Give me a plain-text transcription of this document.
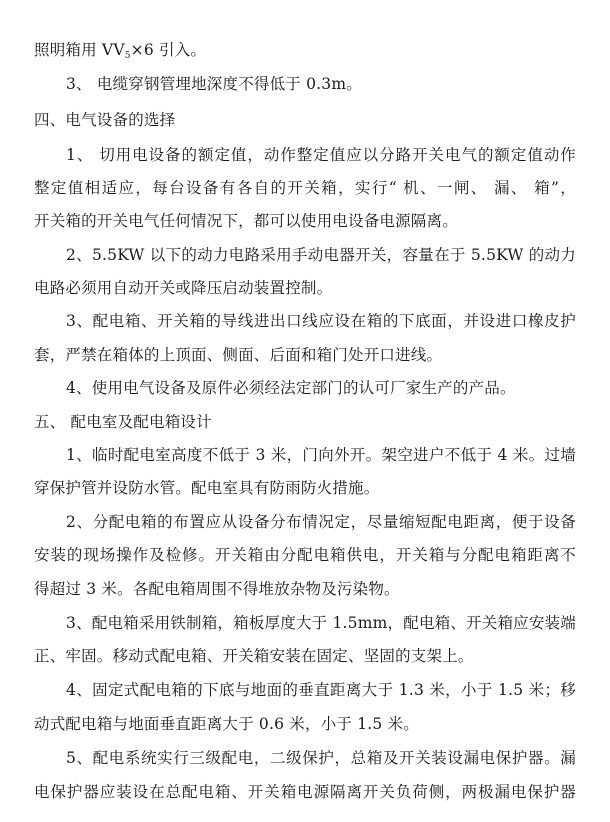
照明箱用 $VV_5\times 6$ 引入。
3、 电缆穿钢管埋地深度不得低于 0.3m。
四、电气设备的选择
1、 切用电设备的额定值，动作整定值应以分路开关电气的额定值动作
整定值相适应，每台设备有各自的开关箱，实行“ 机、一闸、 漏、 箱”，
开关箱的开关电气任何情况下，都可以使用电设备电源隔离。
2、5.5KW 以下的动力电路采用手动电器开关，容量在于 5.5KW 的动力
电路必须用自动开关或降压启动装置控制。
3、配电箱、开关箱的导线进出口线应设在箱的下底面，并设进口橡皮护
套，严禁在箱体的上顶面、侧面、后面和箱门处开口进线。
4、使用电气设备及原件必须经法定部门的认可厂家生产的产品。
五、 配电室及配电箱设计
1、临时配电室高度不低于 3 米，门向外开。架空进户不低于 4 米。过墙
穿保护管并设防水管。配电室具有防雨防火措施。
2、分配电箱的布置应从设备分布情况定，尽量缩短配电距离，便于设备
安装的现场操作及检修。开关箱由分配电箱供电，开关箱与分配电箱距离不
得超过 3 米。各配电箱周围不得堆放杂物及污染物。
3、配电箱采用铁制箱，箱板厚度大于 1.5mm，配电箱、开关箱应安装端
正、牢固。移动式配电箱、开关箱安装在固定、坚固的支架上。
4、固定式配电箱的下底与地面的垂直距离大于 1.3 米，小于 1.5 米；移
动式配电箱与地面垂直距离大于 0.6 米，小于 1.5 米。
5、配电系统实行三级配电，二级保护，总箱及开关装设漏电保护器。漏
电保护器应装设在总配电箱、开关箱电源隔离开关负荷侧，两极漏电保护器
